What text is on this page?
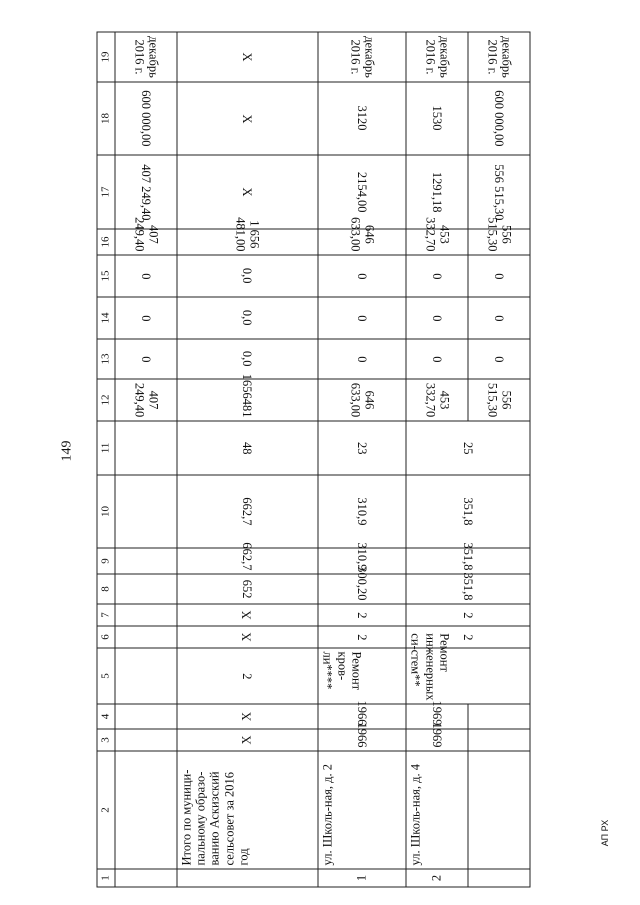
149
АП РХ
1	2	3	4	5	6	7	8	9	10	11	12	13	14	15	16	17	18	19
											407 249,40	0	0	0	407 249,40	407 249,40	600 000,00	декабрь 2016 г.
	Итого по муници-пальному образо-ванию Аскизский сельсовет за 2016 год	X	X	2	X	X	652	662,7	662,7	48	1656481	0,0	0,0	0,0	1 656 481,00	X	X	X
1	ул. Школь-ная, д. 2	1966	1966	Ремонт кров-ли****	2	2	300,20	310,9	310,9	23	646 633,00	0	0	0	646 633,00	2154,00	3120	декабрь 2016 г.
2	ул. Школь-ная, д. 4	1969	1969	Ремонт инженерных си-стем**	2	2	351,8	351,8	351,8	25	453 332,70	0	0	0	453 332,70	1291,18	1530	декабрь 2016 г.
											556 515,30	0	0	0	556 515,30	556 515,30	600 000,00	декабрь 2016 г.
